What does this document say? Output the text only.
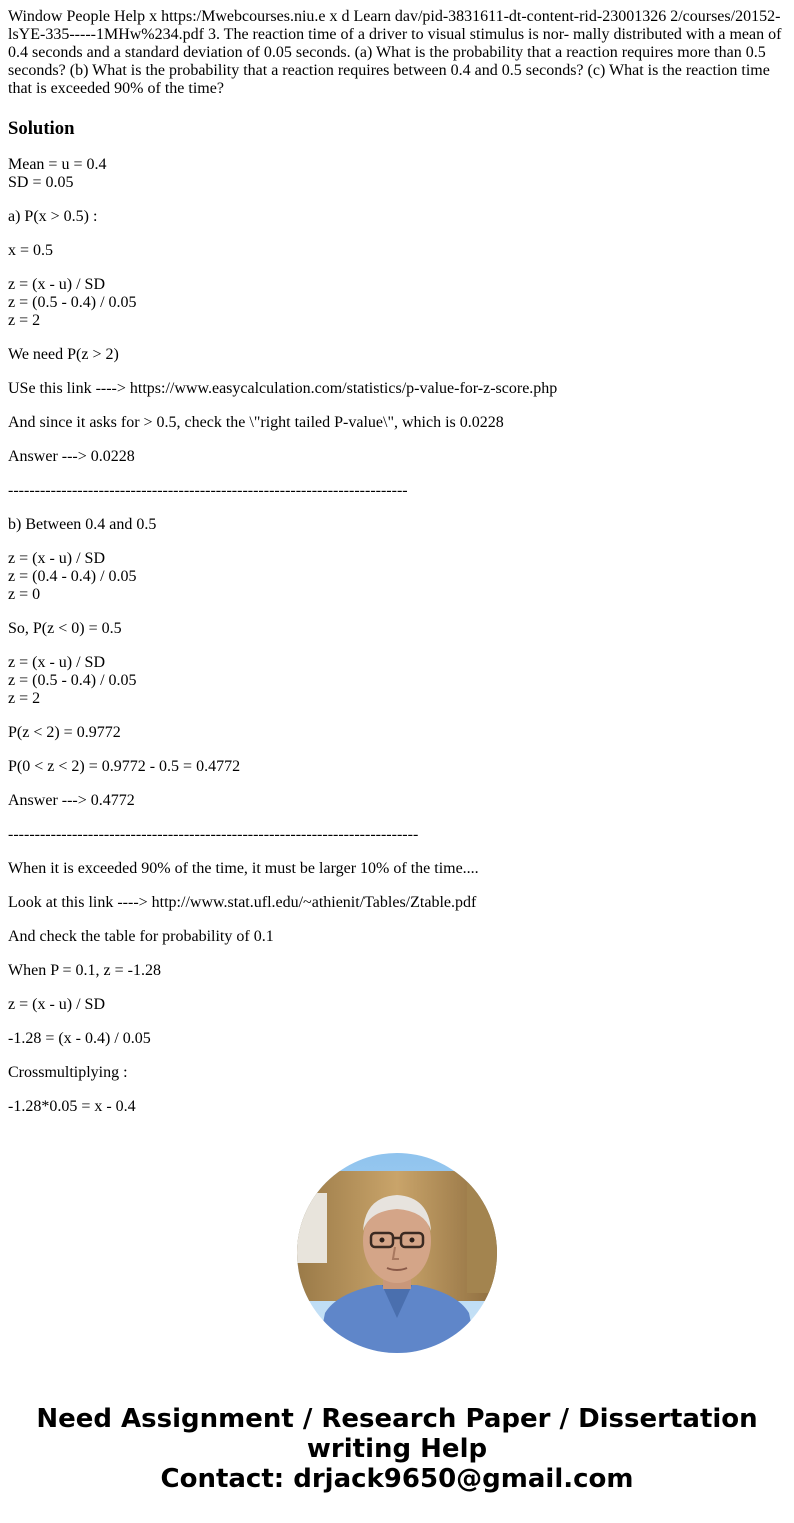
Window People Help x https:/Mwebcourses.niu.e x d Learn dav/pid-3831611-dt-content-rid-23001326 2/courses/20152-lsYE-335-----1MHw%234.pdf 3. The reaction time of a driver to visual stimulus is nor- mally distributed with a mean of 0.4 seconds and a standard deviation of 0.05 seconds. (a) What is the probability that a reaction requires more than 0.5 seconds? (b) What is the probability that a reaction requires between 0.4 and 0.5 seconds? (c) What is the reaction time that is exceeded 90% of the time?

Solution

Mean = u = 0.4
SD = 0.05

a) P(x > 0.5) :

x = 0.5

z = (x - u) / SD
z = (0.5 - 0.4) / 0.05
z = 2

We need P(z > 2)

USe this link ----> https://www.easycalculation.com/statistics/p-value-for-z-score.php

And since it asks for > 0.5, check the \"right tailed P-value\", which is 0.0228

Answer ---> 0.0228

---------------------------------------------------------------------------

b) Between 0.4 and 0.5

z = (x - u) / SD
z = (0.4 - 0.4) / 0.05
z = 0

So, P(z < 0) = 0.5

z = (x - u) / SD
z = (0.5 - 0.4) / 0.05
z = 2

P(z < 2) = 0.9772

P(0 < z < 2) = 0.9772 - 0.5 = 0.4772

Answer ---> 0.4772

-----------------------------------------------------------------------------

When it is exceeded 90% of the time, it must be larger 10% of the time....

Look at this link ----> http://www.stat.ufl.edu/~athienit/Tables/Ztable.pdf

And check the table for probability of 0.1

When P = 0.1, z = -1.28

z = (x - u) / SD

-1.28 = (x - 0.4) / 0.05

Crossmultiplying :

-1.28*0.05 = x - 0.4

Need Assignment / Research Paper / Dissertation
writing Help
Contact: drjack9650@gmail.com
